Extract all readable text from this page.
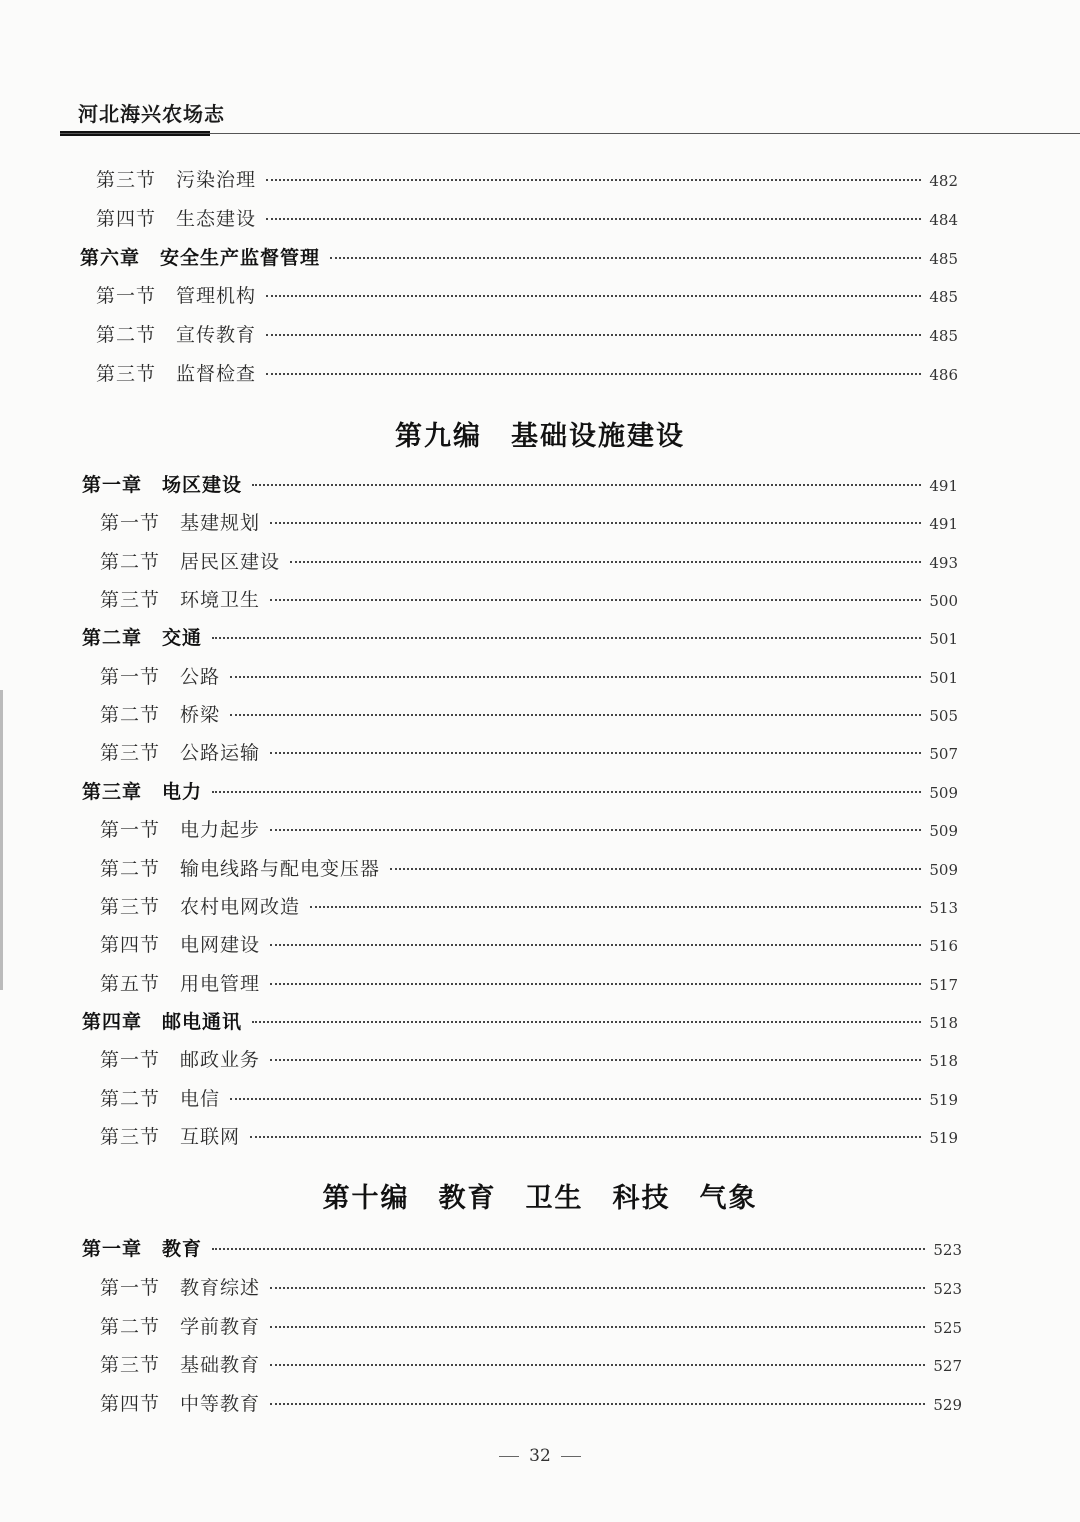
河北海兴农场志
第九编　基础设施建设
第十编　教育　卫生　科技　气象
第三节 污染治理	482
第四节 生态建设	484
第六章 安全生产监督管理	485
第一节 管理机构	485
第二节 宣传教育	485
第三节 监督检查	486
第一章 场区建设	491
第一节 基建规划	491
第二节 居民区建设	493
第三节 环境卫生	500
第二章 交通	501
第一节 公路	501
第二节 桥梁	505
第三节 公路运输	507
第三章 电力	509
第一节 电力起步	509
第二节 输电线路与配电变压器	509
第三节 农村电网改造	513
第四节 电网建设	516
第五节 用电管理	517
第四章 邮电通讯	518
第一节 邮政业务	518
第二节 电信	519
第三节 互联网	519
第一章 教育	523
第一节 教育综述	523
第二节 学前教育	525
第三节 基础教育	527
第四节 中等教育	529
32
